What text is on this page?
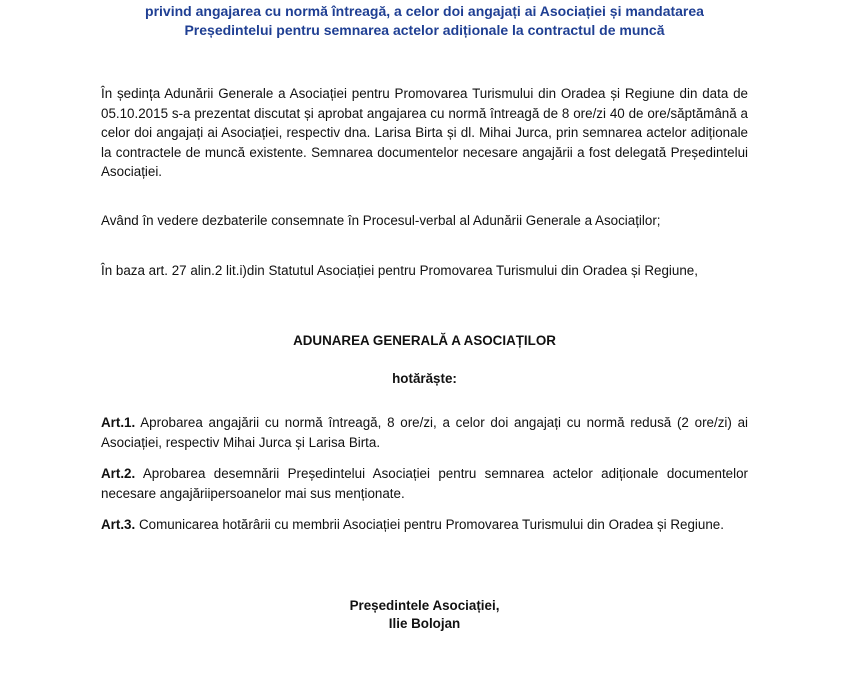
privind angajarea cu normă întreagă, a celor doi angajați ai Asociației și mandatarea
Președintelui pentru semnarea actelor adiționale la contractul de muncă
În ședința Adunării Generale a Asociației pentru Promovarea Turismului din Oradea și Regiune din data de 05.10.2015 s-a prezentat discutat și aprobat angajarea cu normă întreagă de 8 ore/zi 40 de ore/săptămână a celor doi angajați ai Asociației, respectiv dna. Larisa Birta și dl. Mihai Jurca, prin semnarea actelor adiționale la contractele de muncă existente. Semnarea documentelor necesare angajării a fost delegată Președintelui Asociației.
Având în vedere dezbaterile consemnate în Procesul-verbal al Adunării Generale a Asociaților;
În baza art. 27 alin.2 lit.i)din Statutul Asociației pentru Promovarea Turismului din Oradea și Regiune,
ADUNAREA GENERALĂ A ASOCIAȚILOR
hotărăște:
Art.1. Aprobarea angajării cu normă întreagă, 8 ore/zi, a celor doi angajați cu normă redusă (2 ore/zi) ai Asociației, respectiv Mihai Jurca și Larisa Birta.
Art.2. Aprobarea desemnării Președintelui Asociației pentru semnarea actelor adiționale documentelor necesare angajăriipersoanelor mai sus menționate.
Art.3. Comunicarea hotărârii cu membrii Asociației pentru Promovarea Turismului din Oradea și Regiune.
Președintele Asociației,
Ilie Bolojan
